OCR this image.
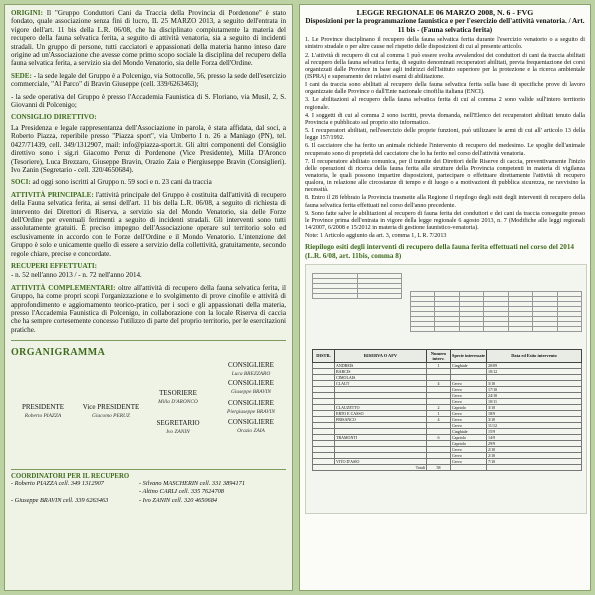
ORIGINI: Il "Gruppo Conduttori Cani da Traccia della Provincia di Pordenone" è stato fondato, quale associazione senza fini di lucro, IL 25 MARZO 2013, a seguito dell'entrata in vigore dell'art. 11 bis della L.R. 06/08, che ha disciplinato compiutamente la materia del recupero della fauna selvatica ferita, a seguito di attività venatoria, sia a seguito di incidenti stradali. Un gruppo di persone, tutti cacciatori e appassionati della materia hanno inteso dare origine ad un'Associazione che avesse come primo scopo sociale la disciplina del recupero della fauna selvatica ferita, a servizio sia del Mondo Venatorio, sia delle Forza dell'Ordine.

SEDE: - la sede legale del Gruppo è a Polcenigo, via Sottocolle, 56, presso la sede dell'esercizio commerciale, "Al Parco" di Bravin Giuseppe (cell. 339/6263463);

- la sede operativa del Gruppo è presso l'Accademia Faunistica di S. Floriano, via Musil, 2, S. Giovanni di Polcenigo;

CONSIGLIO DIRETTIVO:

La Presidenza e legale rappresentanza dell'Associazione in parola, è stata affidata, dal soci, a Roberto Piazza, reperibile presso "Piazza sport", via Umberto I n. 26 a Maniago (PN), tel. 0427/71439, cell. 349/1312907, mail: info@piazza-sport.it. Gli altri componenti del Consiglio direttivo sono i sig.ri Giacomo Peruz di Pordenone (Vice Presidente), Milla D'Aronco (Tesoriere), Luca Brezzaro, Giuseppe Bravin, Orazio Zaia e Piergiuseppe Bravin (Consiglieri). Ivo Zanin (Segretario - cell. 320/4650684).

SOCI: ad oggi sono iscritti al Gruppo n. 59 soci e n. 23 cani da traccia

ATTIVITÀ PRINCIPALE: l'attività principale del Gruppo è costituita dall'attività di recupero della Fauna selvatica ferita, ai sensi dell'art. 11 bis della L.R. 06/08, a seguito di richiesta di intervento dei Direttori di Riserva, a servizio sia del Mondo Venatorio, sia delle Forze dell'Ordine per eventuali ferimenti a seguito di incidenti stradali. Gli interventi sono tutti assolutamente gratuiti. È preciso impegno dell'Associazione operare sul territorio solo ed esclusivamente in accordo con le Forze dell'Ordine e il Mondo Venatorio. L'intenzione del Gruppo è solo e unicamente quello di essere a servizio della collettività, gratuitamente, secondo regole chiare, precise e concordate.

RECUPERI EFFETTUATI:

- n. 52 nell'anno 2013 / - n. 72 nell'anno 2014.

ATTIVITÀ COMPLEMENTARI: oltre all'attività di recupero della fauna selvatica ferita, il Gruppo, ha come propri scopi l'organizzazione e lo svolgimento di prove cinofile e attività di approfondimento e aggiornamento teorico-pratico, per i soci e gli appassionati della materia, presso l'Accademia Faunistica di Polcenigo, in collaborazione con la locale Riserva di caccia che ha sempre cortesemente concesso l'utilizzo di parte del proprio territorio, per le esercitazioni pratiche.

ORGANIGRAMMA
PRESIDENTE
Roberto PIAZZA
Vice PRESIDENTE
Giacomo PERUZ
TESORIERE
Milla D'ARONCO
SEGRETARIO
Ivo ZANIN
CONSIGLIERE
Luca BREZZARO
CONSIGLIERE
Giuseppe BRAVIN
CONSIGLIERE
Piergiuseppe BRAVIN
CONSIGLIERE
Orazio ZAIA
COORDINATORI PER IL RECUPERO
- Roberto PIAZZA cell. 349 1312907	- Silvano MASCHERIN cell. 331 3894171
- Altino CARLI cell. 335 7624708
- Giuseppe BRAVIN cell. 339 6263463	- Ivo ZANIN cell. 320 4650684
LEGGE REGIONALE 06 MARZO 2008, N. 6 - FVG
Disposizioni per la programmazione faunistica e per l'esercizio dell'attività venatoria. / Art. 11 bis - (Fauna selvatica ferita)
1. Le Province disciplinano il recupero della fauna selvatica ferita durante l'esercizio venatorio o a seguito di sinistro stradale o per altre cause nel rispetto delle disposizioni di cui al presente articolo.
2. L'attività di recupero di cui al comma 1 può essere svolta avvalendosi dei conduttori di cani da traccia abilitati al recupero della fauna selvatica ferita, di seguito denominati recuperatori abilitati, previa frequentazione dei corsi organizzati dalle Province in base agli indirizzi dell'Istituto superiore per la protezione e la ricerca ambientale (ISPRA) e superamento dei relativi esami di abilitazione.
I cani da traccia sono abilitati al recupero della fauna selvatica ferita sulla base di specifiche prove di lavoro organizzate dalle Province o dall'Ente nazionale cinofilia italiana (ENCI).
3. Le abilitazioni al recupero della fauna selvatica ferita di cui al comma 2 sono valide sull'intero territorio regionale.
4. I soggetti di cui al comma 2 sono iscritti, previa domanda, nell'Elenco dei recuperatori abilitati tenuto dalla Provincia e pubblicato sul proprio sito informatico.
5. I recuperatori abilitati, nell'esercizio delle proprie funzioni, può utilizzare le armi di cui all' articolo 13 della legge 157/1992.
6. Il cacciatore che ha ferito un animale richiede l'intervento di recupero del medesimo. Le spoglie dell'animale recuperato sono di proprietà del cacciatore che lo ha ferito nel corso dell'attività venatoria.
7. Il recuperatore abilitato comunica, per il tramite dei Direttori delle Riserve di caccia, preventivamente l'inizio delle operazioni di ricerca della fauna ferita alle strutture della Provincia competenti in materia di vigilanza venatoria, le quali possono impartire disposizioni, partecipare o effettuare direttamente l'attività di recupero qualora, in relazione alle circostanze di tempo e di luogo o a motivazioni di pubblica sicurezza, ne ravvisino la necessità.
8. Entro il 28 febbraio la Provincia trasmette alla Regione il riepilogo degli esiti degli interventi di recupero della fauna selvatica ferita effettuati nel corso dell'anno precedente.
9. Sono fatte salve le abilitazioni al recupero di fauna ferita dei conduttori e dei cani da traccia conseguite presso le Province prima dell'entrata in vigore della legge regionale 6 agosto 2013, n. 7 (Modifiche alle leggi regionali 14/2007, 6/2008 e 15/2012 in materia di gestione faunistico-venatoria).
Note: 1 Articolo aggiunto da art. 3, comma 1, L R. 7/2013
Riepilogo esiti degli interventi di recupero della fauna ferita effettuati nel corso del 2014 (L.R. 6/08, art. 11bis, comma 8)

DISTR.	RISERVA O AFV	Numero interv.	Specie interessate	Data ed Esito intervento
	ANDREIS	1	Cinghiale	20/09
	BARCIS			10/12
	CIMOLAIS			
	CLAUT	4	Cervo	3/10
			Cervo	17/10
			Cervo	24/10
			Cervo	10/11
	CLAUZETTO	2	Capriolo	3/10
	ERTO E CASSO	1	Cervo	18/9
	FRISANCO	4	Cervo	3/10
			Cervo	11/12
			Cinghiale	15/9
	TRAMONTI	6	Capriolo	14/9
			Capriolo	29/9
			Cervo	2/10
			Cervo	2/10
	VITO D'ASIO		Cervo	7/10
Totali		58		
